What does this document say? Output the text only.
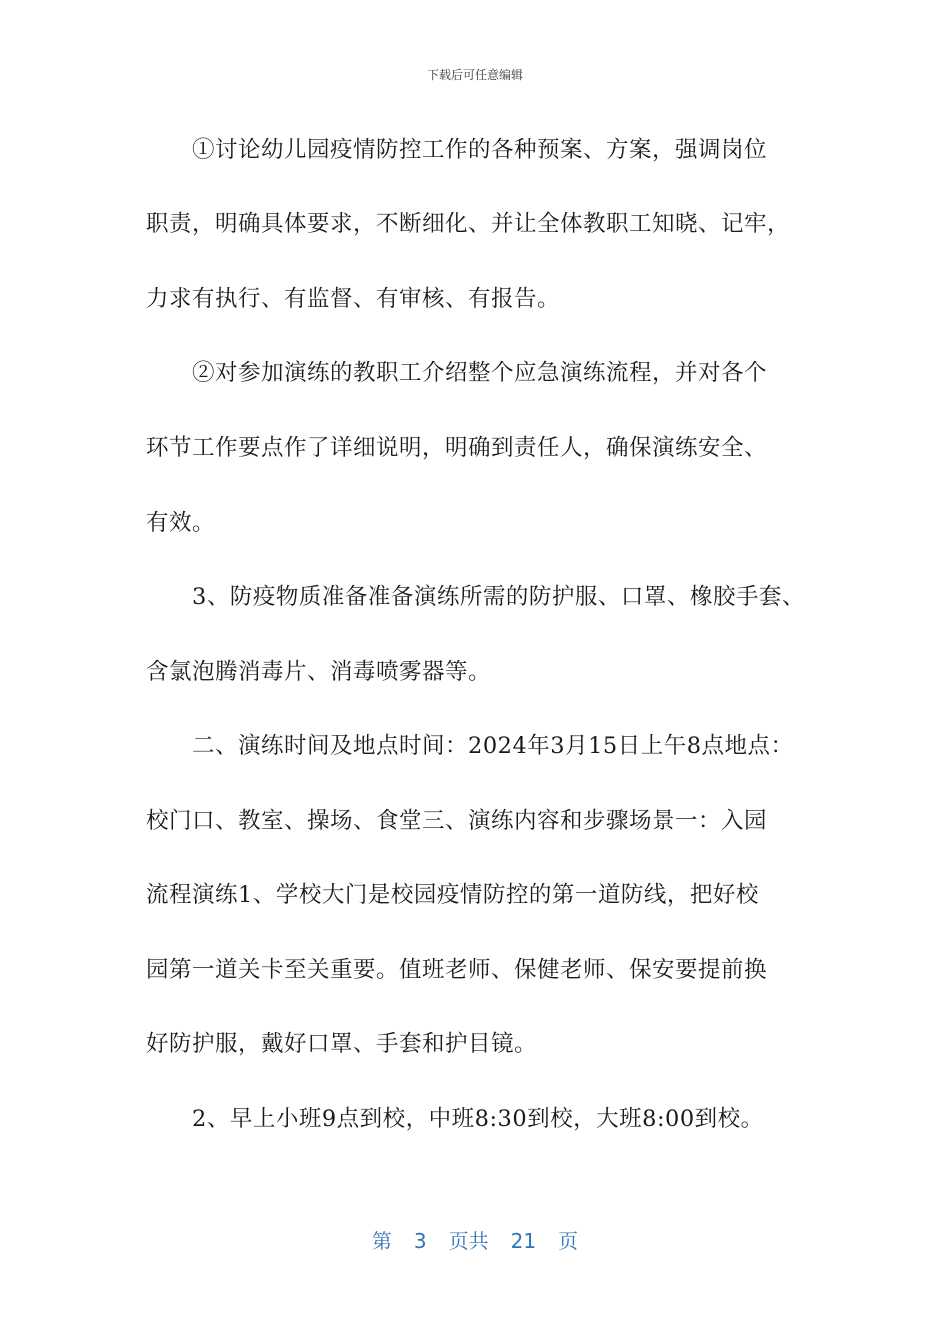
下载后可任意编辑
①讨论幼儿园疫情防控工作的各种预案、方案，强调岗位
职责，明确具体要求，不断细化、并让全体教职工知晓、记牢，
力求有执行、有监督、有审核、有报告。
②对参加演练的教职工介绍整个应急演练流程，并对各个
环节工作要点作了详细说明，明确到责任人，确保演练安全、
有效。
3、防疫物质准备准备演练所需的防护服、口罩、橡胶手套、
含氯泡腾消毒片、消毒喷雾器等。
二、演练时间及地点时间：2024年3月15日上午8点地点：
校门口、教室、操场、食堂三、演练内容和步骤场景一：入园
流程演练1、学校大门是校园疫情防控的第一道防线，把好校
园第一道关卡至关重要。值班老师、保健老师、保安要提前换
好防护服，戴好口罩、手套和护目镜。
2、早上小班9点到校，中班8:30到校，大班8:00到校。
第 3 页共 21 页
